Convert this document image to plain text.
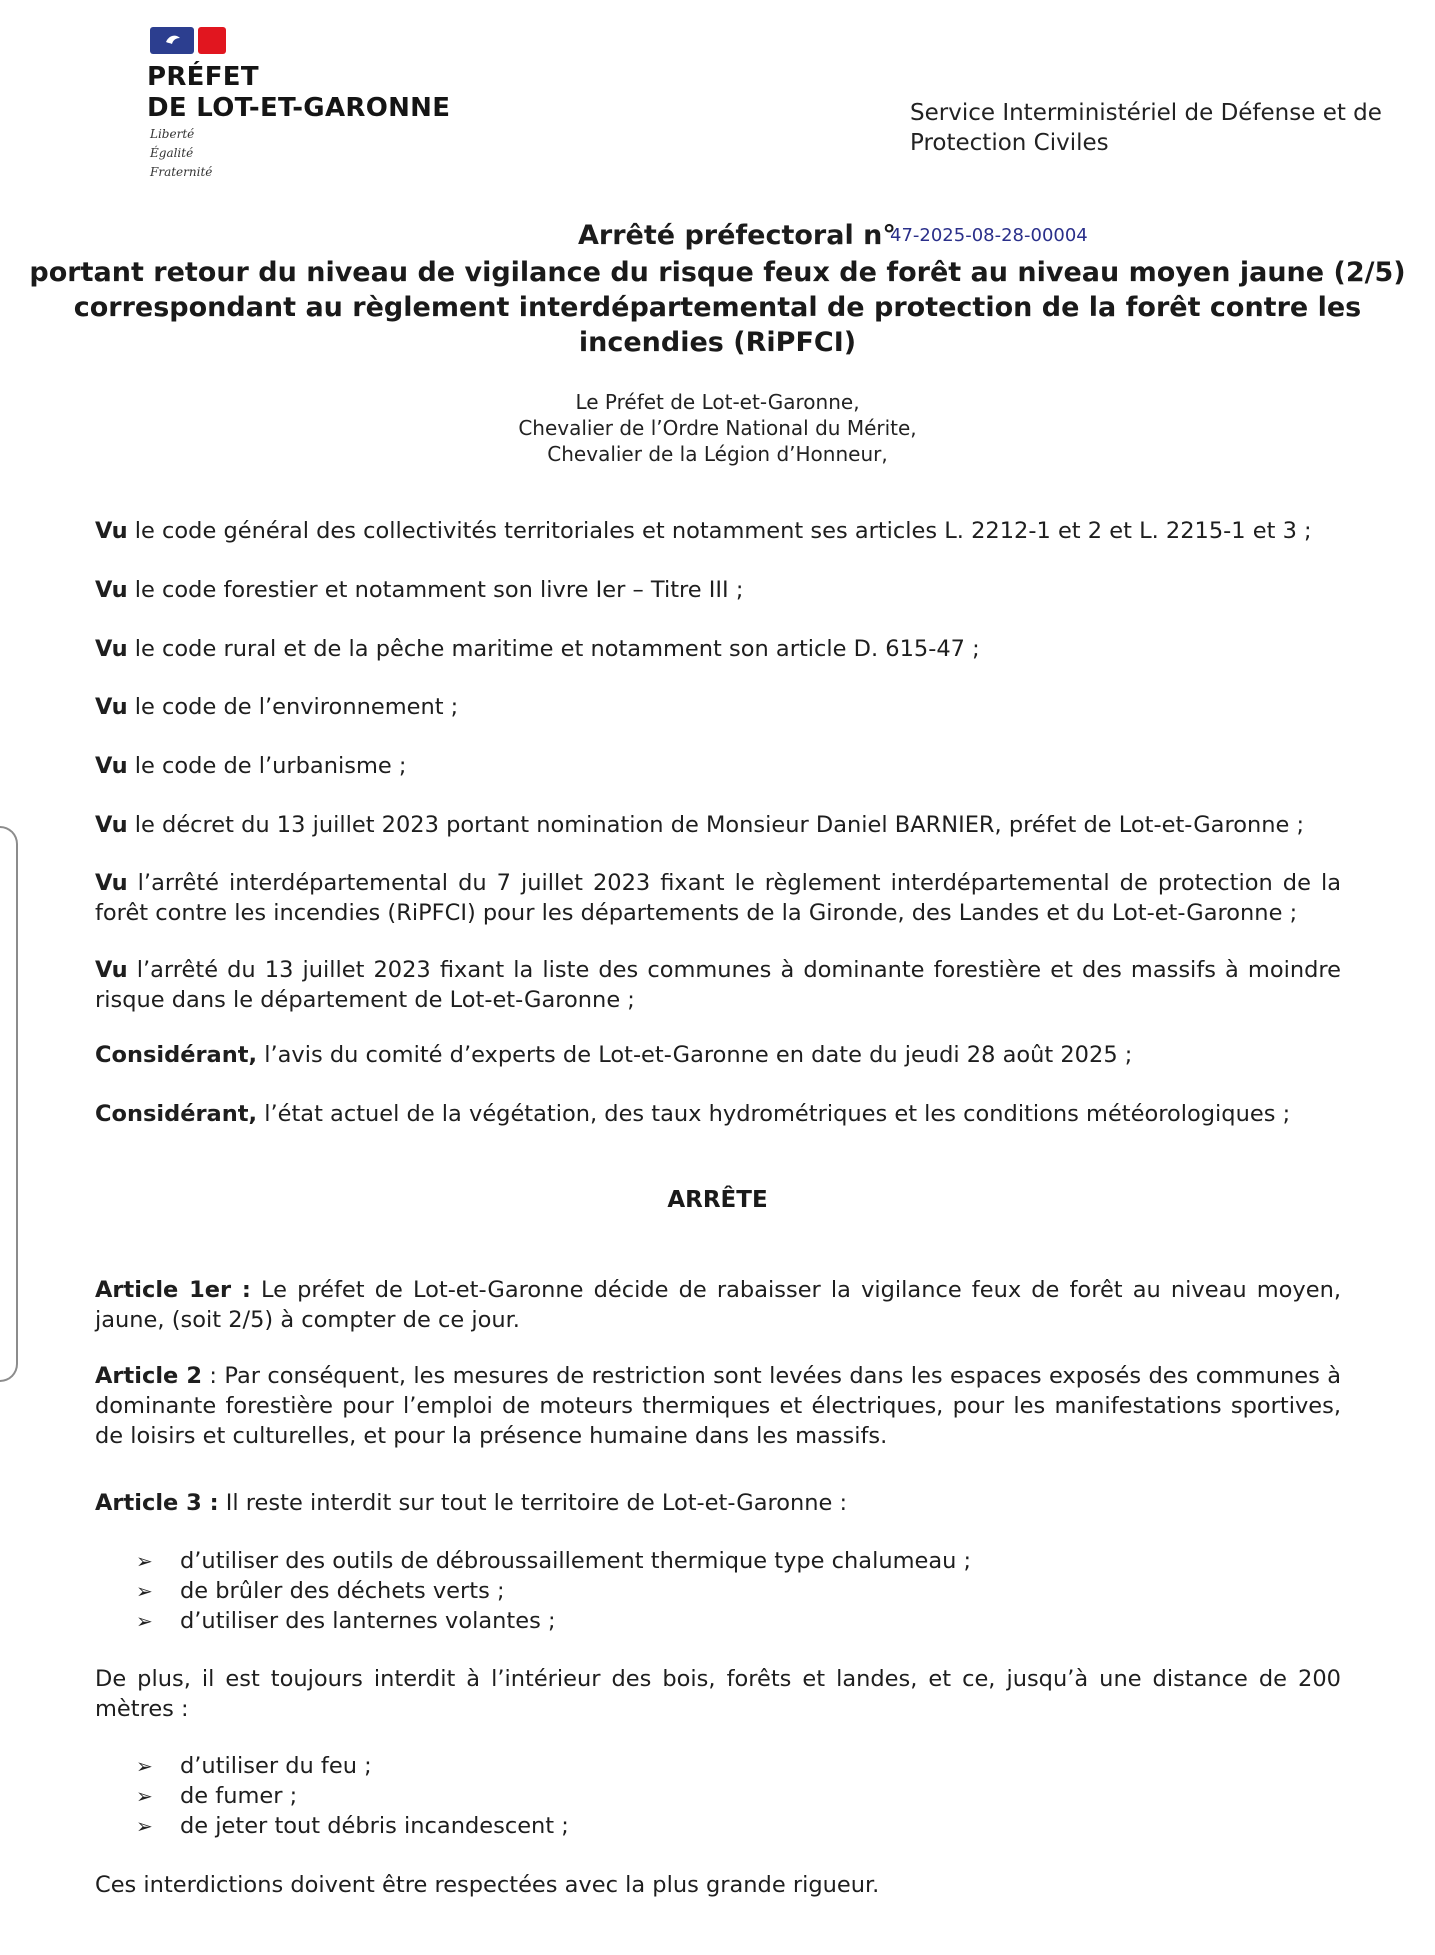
PRÉFET
DE LOT-ET-GARONNE
Liberté
Égalité
Fraternité
Service Interministériel de Défense et de Protection Civiles
Arrêté préfectoral n°
47-2025-08-28-00004
portant retour du niveau de vigilance du risque feux de forêt au niveau moyen jaune (2/5)
correspondant au règlement interdépartemental de protection de la forêt contre les
incendies (RiPFCI)
Le Préfet de Lot-et-Garonne,
Chevalier de l’Ordre National du Mérite,
Chevalier de la Légion d’Honneur,
Vu le code général des collectivités territoriales et notamment ses articles L. 2212-1 et 2 et L. 2215-1 et 3 ;
Vu le code forestier et notamment son livre Ier – Titre III ;
Vu le code rural et de la pêche maritime et notamment son article D. 615-47 ;
Vu le code de l’environnement ;
Vu le code de l’urbanisme ;
Vu le décret du 13 juillet 2023 portant nomination de Monsieur Daniel BARNIER, préfet de Lot-et-Garonne ;
Vu l’arrêté interdépartemental du 7 juillet 2023 fixant le règlement interdépartemental de protection de la forêt contre les incendies (RiPFCI) pour les départements de la Gironde, des Landes et du Lot-et-Garonne ;
Vu l’arrêté du 13 juillet 2023 fixant la liste des communes à dominante forestière et des massifs à moindre risque dans le département de Lot-et-Garonne ;
Considérant, l’avis du comité d’experts de Lot-et-Garonne en date du jeudi 28 août 2025 ;
Considérant, l’état actuel de la végétation, des taux hydrométriques et les conditions météorologiques ;
ARRÊTE
Article 1er : Le préfet de Lot-et-Garonne décide de rabaisser la vigilance feux de forêt au niveau moyen, jaune, (soit 2/5) à compter de ce jour.
Article 2 : Par conséquent, les mesures de restriction sont levées dans les espaces exposés des communes à dominante forestière pour l’emploi de moteurs thermiques et électriques, pour les manifestations sportives, de loisirs et culturelles, et pour la présence humaine dans les massifs.
Article 3 : Il reste interdit sur tout le territoire de Lot-et-Garonne :
➢	d’utiliser des outils de débroussaillement thermique type chalumeau ;
➢	de brûler des déchets verts ;
➢	d’utiliser des lanternes volantes ;
De plus, il est toujours interdit à l’intérieur des bois, forêts et landes, et ce, jusqu’à une distance de 200 mètres :
➢	d’utiliser du feu ;
➢	de fumer ;
➢	de jeter tout débris incandescent ;
Ces interdictions doivent être respectées avec la plus grande rigueur.
